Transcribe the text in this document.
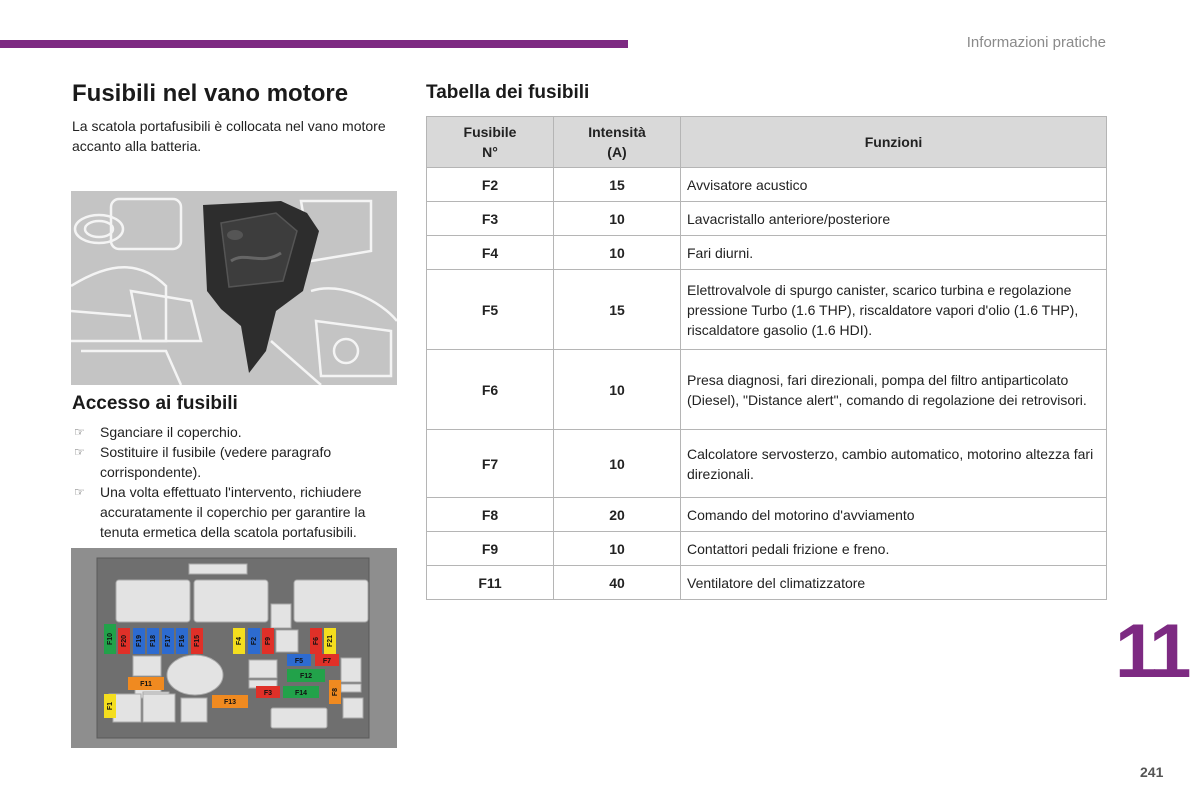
Informazioni pratiche
Fusibili nel vano motore

La scatola portafusibili è collocata nel vano motore accanto alla batteria.

Accesso ai fusibili
☞ Sganciare il coperchio.
☞ Sostituire il fusibile (vedere paragrafo corrispondente).
☞ Una volta effettuato l'intervento, richiudere accuratamente il coperchio per garantire la tenuta ermetica della scatola portafusibili.
F10 F20 F19 F18 F17 F16 F15	F4 F2 F9	F6 F21
F5	F7
F12
F11
F3	F14	F8
F1	F13
Tabella dei fusibili
Fusibile N°	Intensità (A)	Funzioni
F2	15	Avvisatore acustico
F3	10	Lavacristallo anteriore/posteriore
F4	10	Fari diurni.
F5	15	Elettrovalvole di spurgo canister, scarico turbina e regolazione pressione Turbo (1.6 THP), riscaldatore vapori d'olio (1.6 THP), riscaldatore gasolio (1.6 HDI).
F6	10	Presa diagnosi, fari direzionali, pompa del filtro antiparticolato (Diesel), "Distance alert", comando di regolazione dei retrovisori.
F7	10	Calcolatore servosterzo, cambio automatico, motorino altezza fari direzionali.
F8	20	Comando del motorino d'avviamento
F9	10	Contattori pedali frizione e freno.
F11	40	Ventilatore del climatizzatore
11
241
